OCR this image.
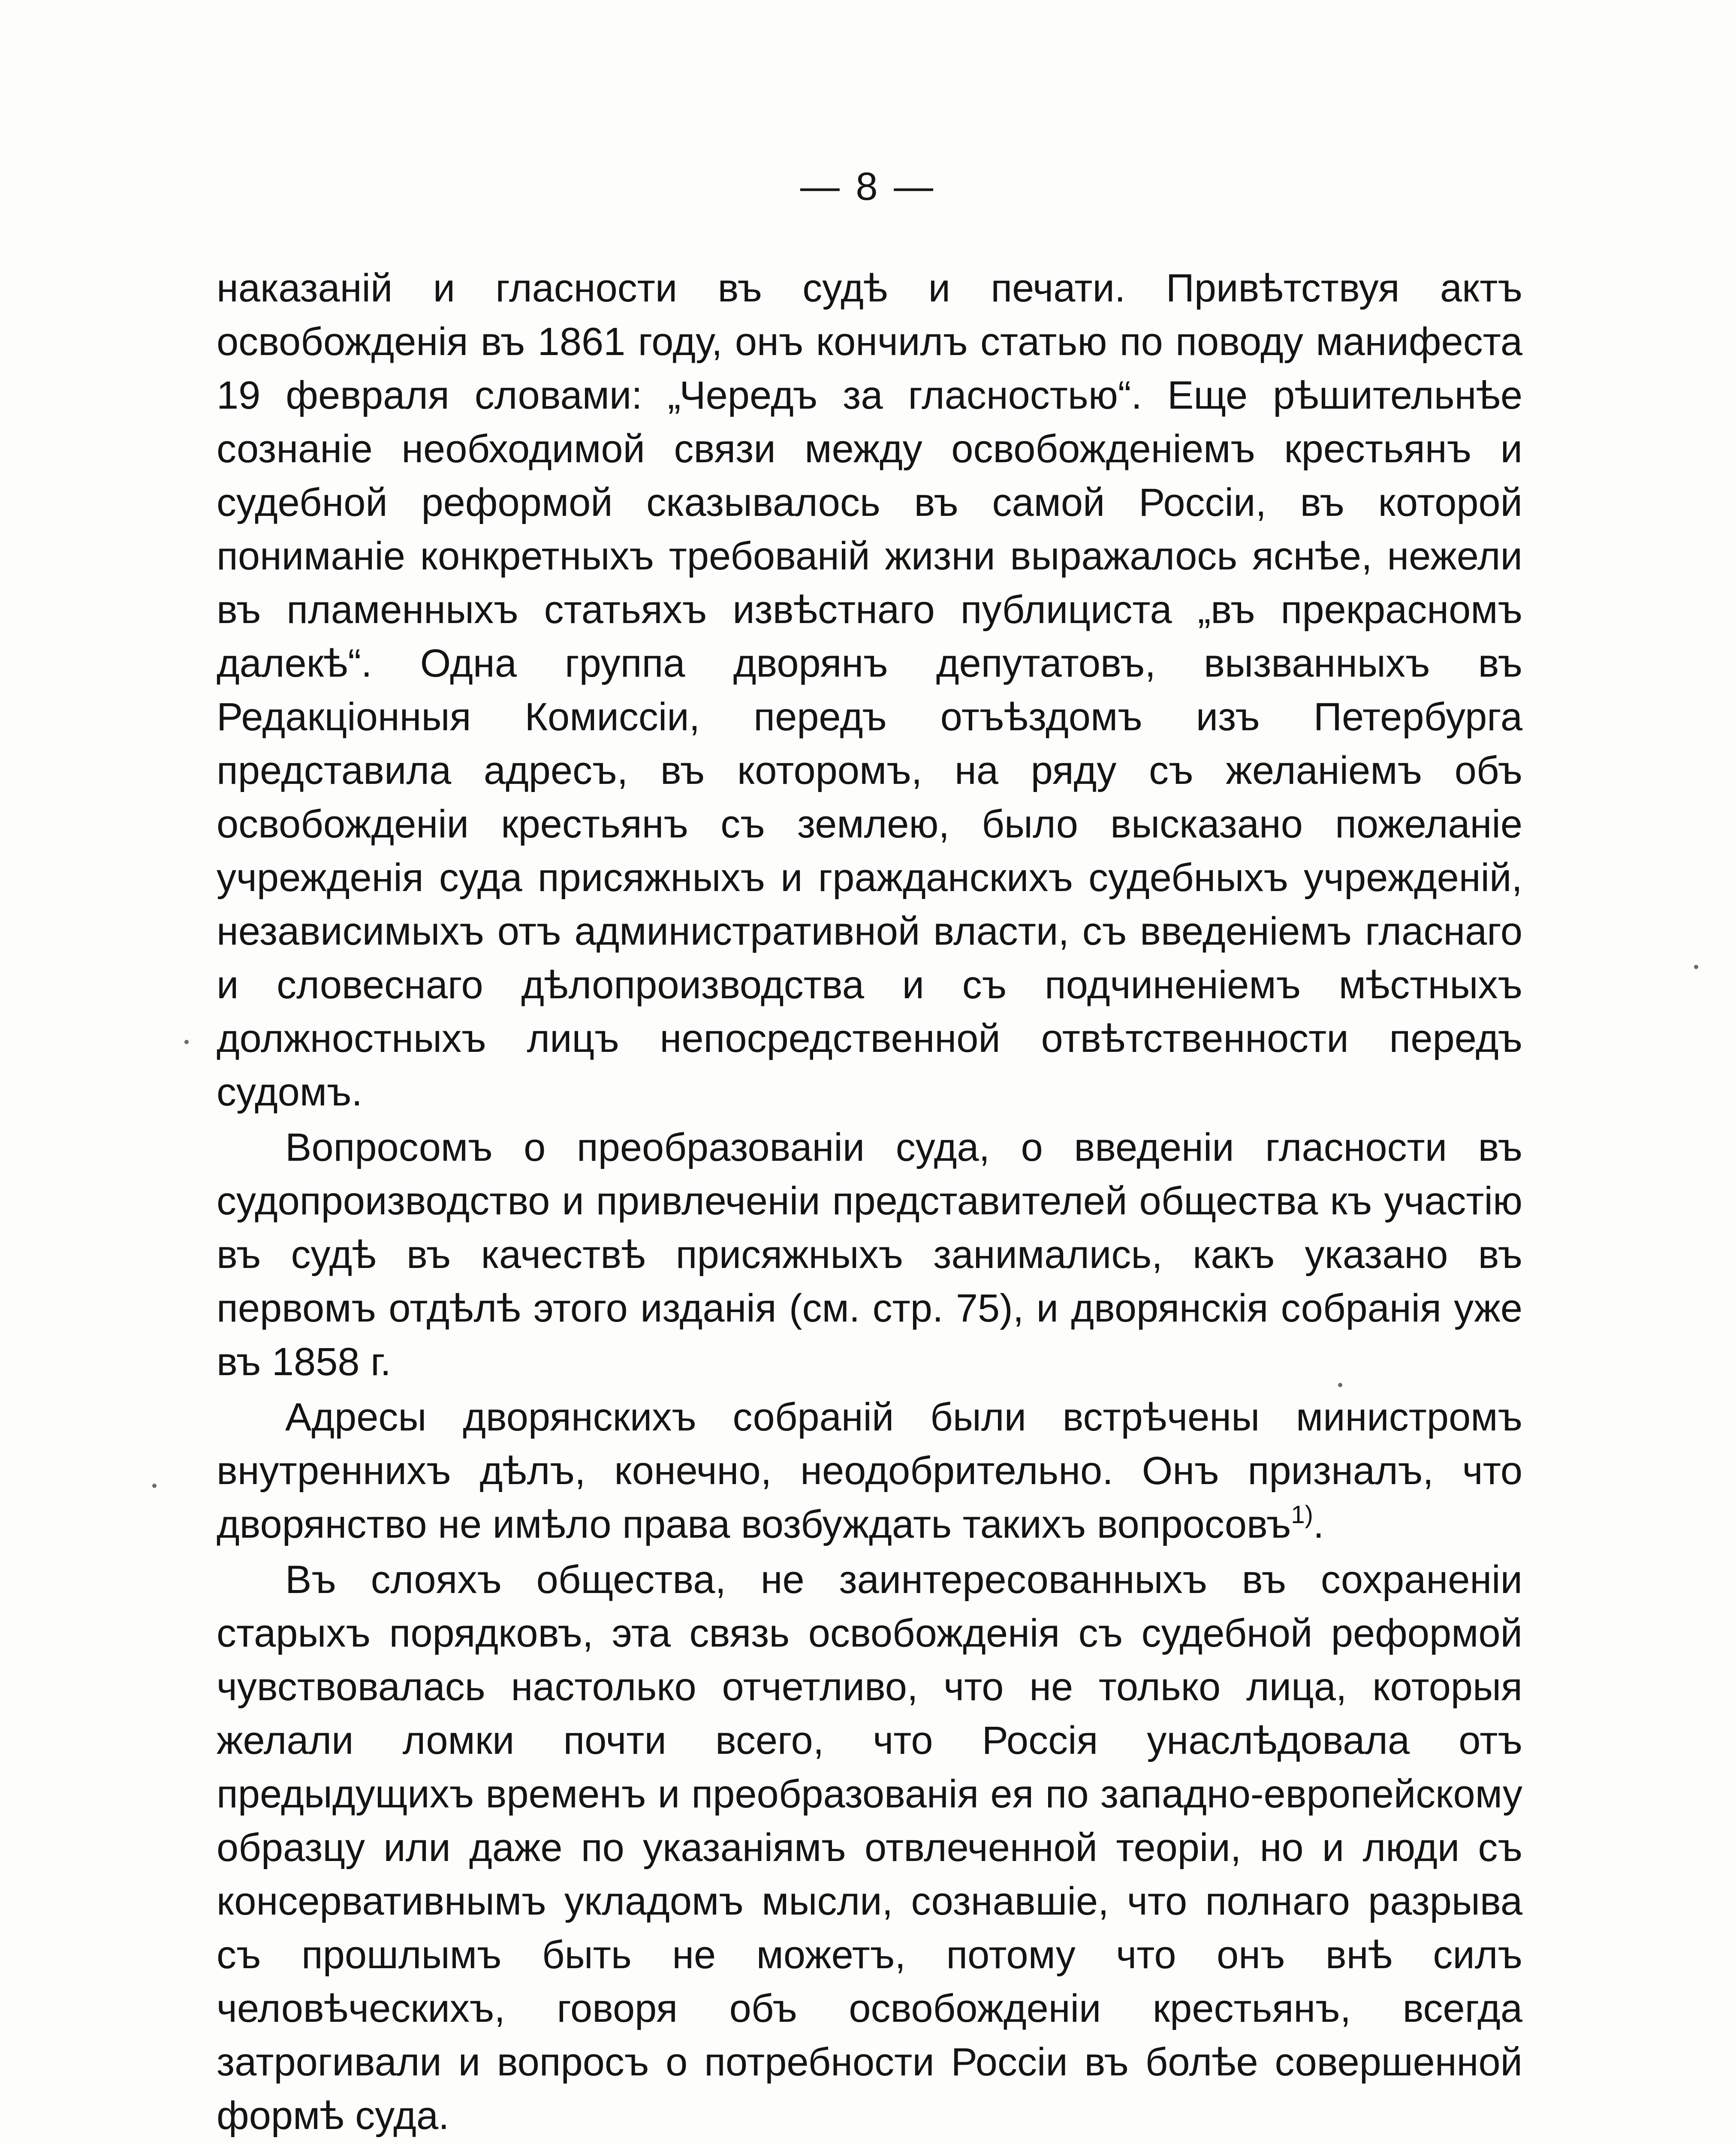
— 8 —

наказаній и гласности въ судѣ и печати. Привѣтствуя актъ освобожденія въ 1861 году, онъ кончилъ статью по поводу манифеста 19 февраля словами: „Чередъ за гласностью“. Еще рѣшительнѣе сознаніе необходимой связи между освобожденіемъ крестьянъ и судебной реформой сказывалось въ самой Россіи, въ которой пониманіе конкретныхъ требованій жизни выражалось яснѣе, нежели въ пламенныхъ статьяхъ извѣстнаго публициста „въ прекрасномъ далекѣ“. Одна группа дворянъ депутатовъ, вызванныхъ въ Редакціонныя Комиссіи, передъ отъѣздомъ изъ Петербурга представила адресъ, въ которомъ, на ряду съ желаніемъ объ освобожденіи крестьянъ съ землею, было высказано пожеланіе учрежденія суда присяжныхъ и гражданскихъ судебныхъ учрежденій, независимыхъ отъ административной власти, съ введеніемъ гласнаго и словеснаго дѣлопроизводства и съ подчиненіемъ мѣстныхъ должностныхъ лицъ непосредственной отвѣтственности передъ судомъ.

Вопросомъ о преобразованіи суда, о введеніи гласности въ судопроизводство и привлеченіи представителей общества къ участію въ судѣ въ качествѣ присяжныхъ занимались, какъ указано въ первомъ отдѣлѣ этого изданія (см. стр. 75), и дворянскія собранія уже въ 1858 г.

Адресы дворянскихъ собраній были встрѣчены министромъ внутреннихъ дѣлъ, конечно, неодобрительно. Онъ призналъ, что дворянство не имѣло права возбуждать такихъ вопросовъ$^{1)}$.

Въ слояхъ общества, не заинтересованныхъ въ сохраненіи старыхъ порядковъ, эта связь освобожденія съ судебной реформой чувствовалась настолько отчетливо, что не только лица, которыя желали ломки почти всего, что Россія унаслѣдовала отъ предыдущихъ временъ и преобразованія ея по западно-европейскому образцу или даже по указаніямъ отвлеченной теоріи, но и люди съ консервативнымъ укладомъ мысли, сознавшіе, что полнаго разрыва съ прошлымъ быть не можетъ, потому что онъ внѣ силъ человѣческихъ, говоря объ освобожденіи крестьянъ, всегда затрогивали и вопросъ о потребности Россіи въ болѣе совершенной формѣ суда.
